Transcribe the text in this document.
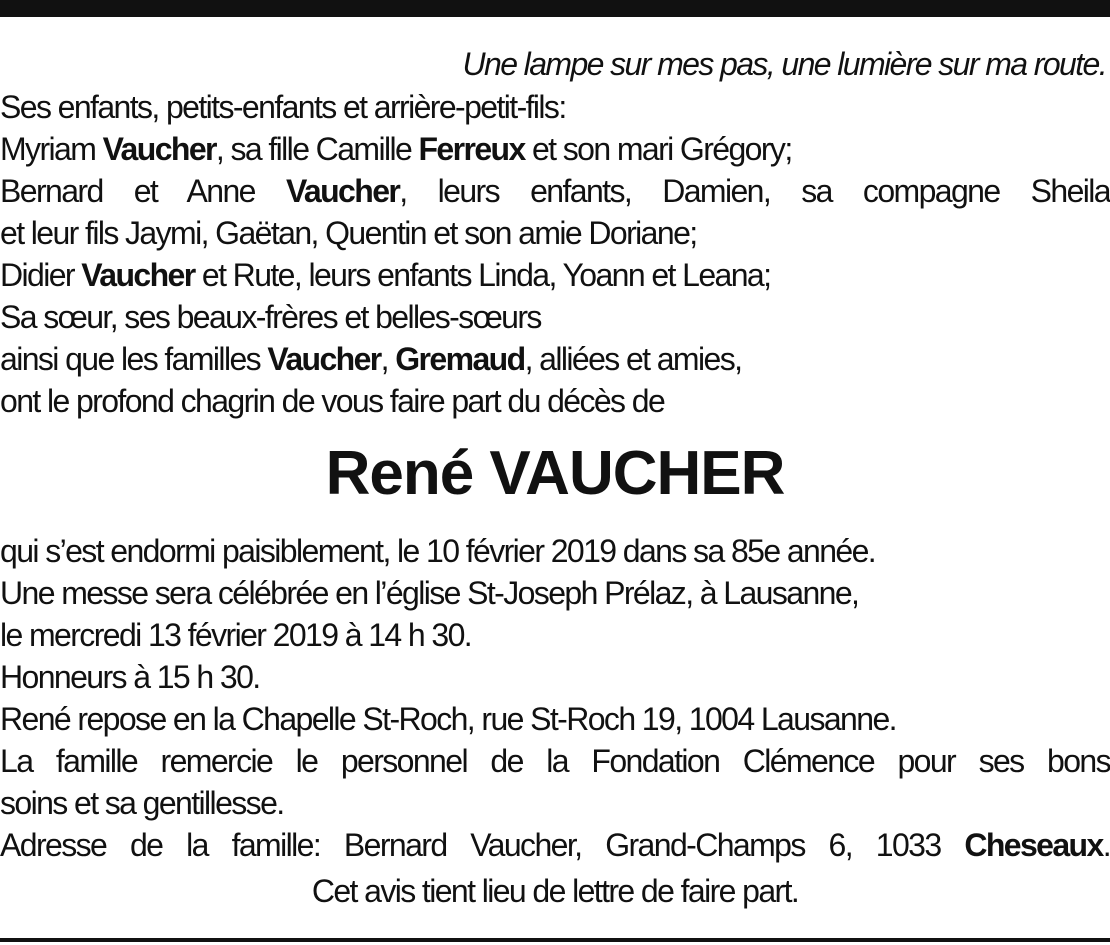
Une lampe sur mes pas, une lumière sur ma route.
Ses enfants, petits-enfants et arrière-petit-fils:
Myriam Vaucher, sa fille Camille Ferreux et son mari Grégory;
Bernard et Anne Vaucher, leurs enfants, Damien, sa compagne Sheila
et leur fils Jaymi, Gaëtan, Quentin et son amie Doriane;
Didier Vaucher et Rute, leurs enfants Linda, Yoann et Leana;
Sa sœur, ses beaux-frères et belles-sœurs
ainsi que les familles Vaucher, Gremaud, alliées et amies,
ont le profond chagrin de vous faire part du décès de
René VAUCHER
qui s’est endormi paisiblement, le 10 février 2019 dans sa 85e année.
Une messe sera célébrée en l’église St-Joseph Prélaz, à Lausanne,
le mercredi 13 février 2019 à 14 h 30.
Honneurs à 15 h 30.
René repose en la Chapelle St-Roch, rue St-Roch 19, 1004 Lausanne.
La famille remercie le personnel de la Fondation Clémence pour ses bons
soins et sa gentillesse.
Adresse de la famille: Bernard Vaucher, Grand-Champs 6, 1033 Cheseaux.
Cet avis tient lieu de lettre de faire part.
